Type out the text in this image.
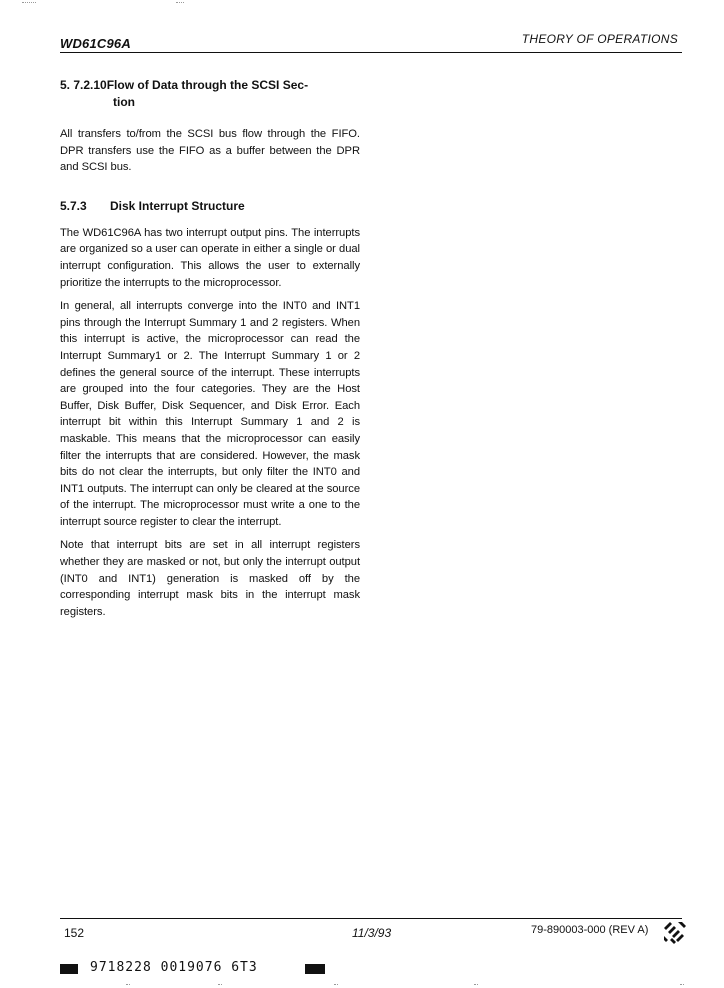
WD61C96A	THEORY OF OPERATIONS
5. 7.2.10Flow of Data through the SCSI Sec-
tion

All transfers to/from the SCSI bus flow through the FIFO. DPR transfers use the FIFO as a buffer between the DPR and SCSI bus.

5.7.3 Disk Interrupt Structure

The WD61C96A has two interrupt output pins. The interrupts are organized so a user can operate in either a single or dual interrupt configuration. This allows the user to externally prioritize the interrupts to the microprocessor.

In general, all interrupts converge into the INT0 and INT1 pins through the Interrupt Summary 1 and 2 registers. When this interrupt is active, the microprocessor can read the Interrupt Summary1 or 2. The Interrupt Summary 1 or 2 defines the general source of the interrupt. These interrupts are grouped into the four categories. They are the Host Buffer, Disk Buffer, Disk Sequencer, and Disk Error. Each interrupt bit within this Interrupt Summary 1 and 2 is maskable. This means that the microprocessor can easily filter the interrupts that are considered. However, the mask bits do not clear the interrupts, but only filter the INT0 and INT1 outputs. The interrupt can only be cleared at the source of the interrupt. The microprocessor must write a one to the interrupt source register to clear the interrupt.

Note that interrupt bits are set in all interrupt registers whether they are masked or not, but only the interrupt output (INT0 and INT1) generation is masked off by the corresponding interrupt mask bits in the interrupt mask registers.

152	11/3/93	79-890003-000 (REV A)
9718228 0019076 6T3
